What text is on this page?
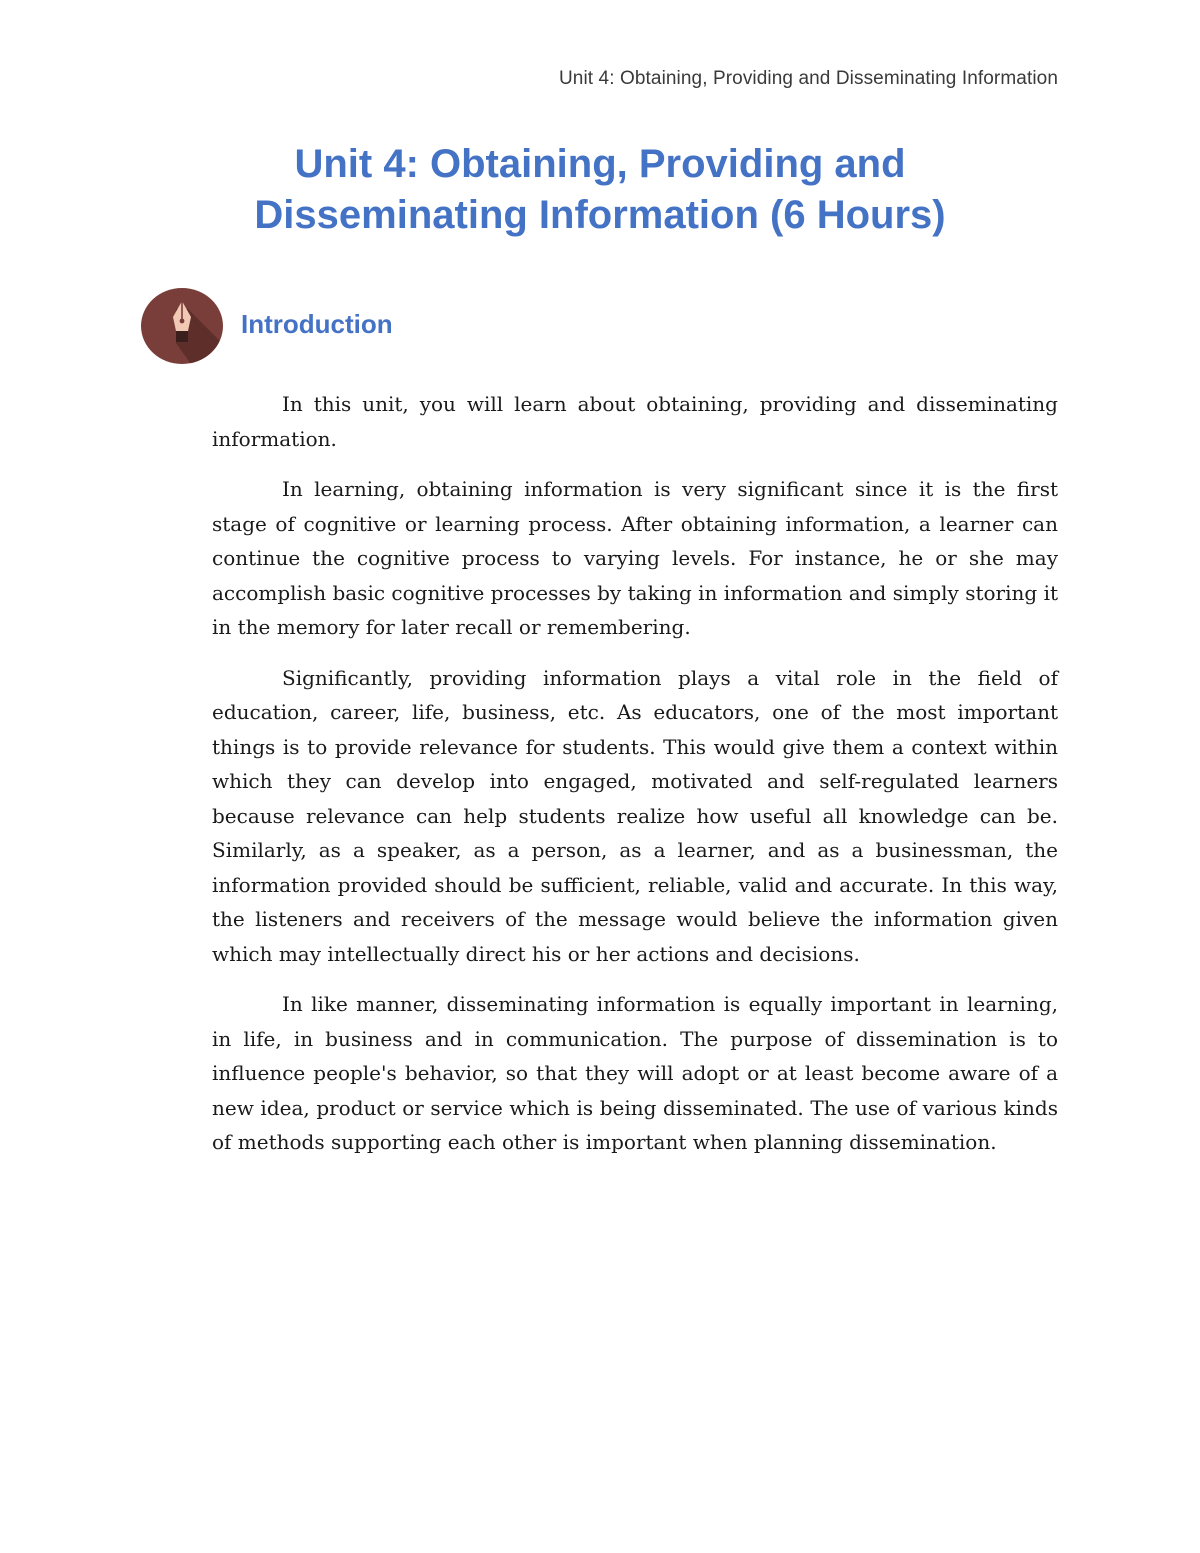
Unit 4: Obtaining, Providing and Disseminating Information
Unit 4: Obtaining, Providing and
Disseminating Information (6 Hours)
Introduction

In this unit, you will learn about obtaining, providing and disseminating information.

In learning, obtaining information is very significant since it is the first stage of cognitive or learning process. After obtaining information, a learner can continue the cognitive process to varying levels. For instance, he or she may accomplish basic cognitive processes by taking in information and simply storing it in the memory for later recall or remembering.

Significantly, providing information plays a vital role in the field of education, career, life, business, etc. As educators, one of the most important things is to provide relevance for students. This would give them a context within which they can develop into engaged, motivated and self-regulated learners because relevance can help students realize how useful all knowledge can be. Similarly, as a speaker, as a person, as a learner, and as a businessman, the information provided should be sufficient, reliable, valid and accurate. In this way, the listeners and receivers of the message would believe the information given which may intellectually direct his or her actions and decisions.

In like manner, disseminating information is equally important in learning, in life, in business and in communication. The purpose of dissemination is to influence people's behavior, so that they will adopt or at least become aware of a new idea, product or service which is being disseminated. The use of various kinds of methods supporting each other is important when planning dissemination.
